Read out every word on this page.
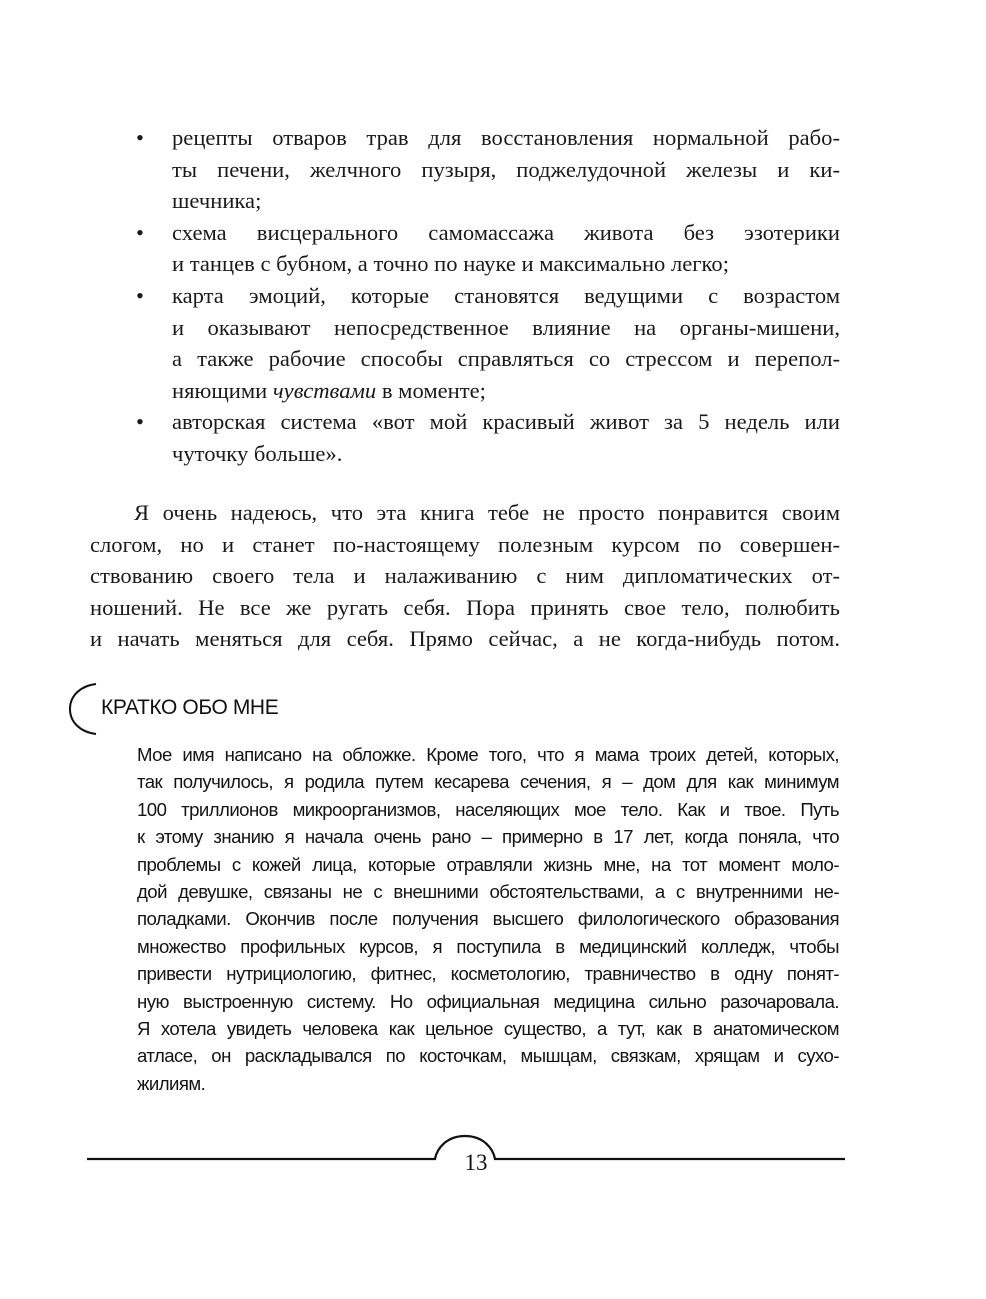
•	рецепты отваров трав для восстановления нормальной рабо-
ты печени, желчного пузыря, поджелудочной железы и ки-
шечника;
•	схема висцерального самомассажа живота без эзотерики
и танцев с бубном, а точно по науке и максимально легко;
•	карта эмоций, которые становятся ведущими с возрастом
и оказывают непосредственное влияние на органы-мишени,
а также рабочие способы справляться со стрессом и перепол-
няющими чувствами в моменте;
•	авторская система «вот мой красивый живот за 5 недель или
чуточку больше».

Я очень надеюсь, что эта книга тебе не просто понравится своим
слогом, но и станет по-настоящему полезным курсом по совершен-
ствованию своего тела и налаживанию с ним дипломатических от-
ношений. Не все же ругать себя. Пора принять свое тело, полюбить
и начать меняться для себя. Прямо сейчас, а не когда-нибудь потом.

КРАТКО ОБО МНЕ

Мое имя написано на обложке. Кроме того, что я мама троих детей, которых,
так получилось, я родила путем кесарева сечения, я – дом для как минимум
100 триллионов микроорганизмов, населяющих мое тело. Как и твое. Путь
к этому знанию я начала очень рано – примерно в 17 лет, когда поняла, что
проблемы с кожей лица, которые отравляли жизнь мне, на тот момент моло-
дой девушке, связаны не с внешними обстоятельствами, а с внутренними не-
поладками. Окончив после получения высшего филологического образования
множество профильных курсов, я поступила в медицинский колледж, чтобы
привести нутрициологию, фитнес, косметологию, травничество в одну понят-
ную выстроенную систему. Но официальная медицина сильно разочаровала.
Я хотела увидеть человека как цельное существо, а тут, как в анатомическом
атласе, он раскладывался по косточкам, мышцам, связкам, хрящам и сухо-
жилиям.

13
